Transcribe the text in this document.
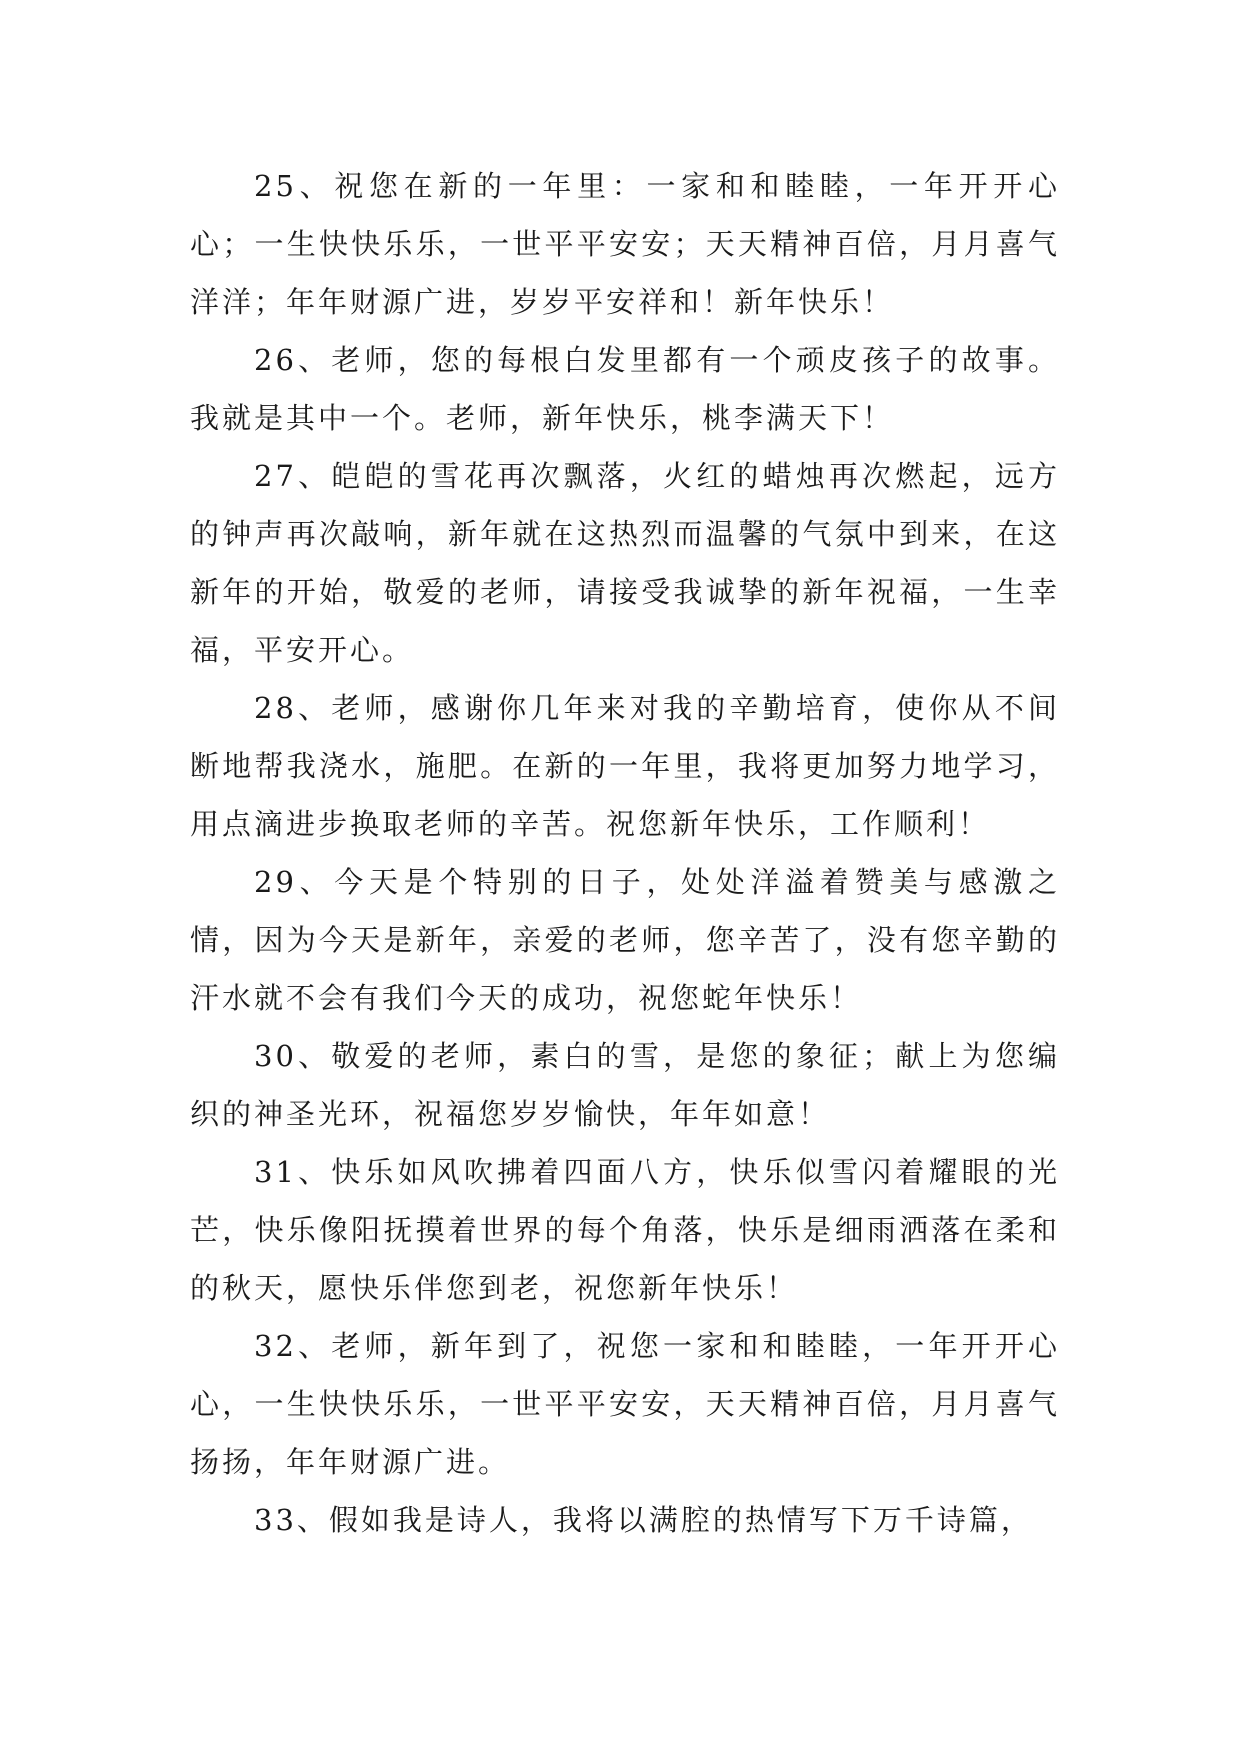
25、祝您在新的一年里：一家和和睦睦，一年开开心心；一生快快乐乐，一世平平安安；天天精神百倍，月月喜气洋洋；年年财源广进，岁岁平安祥和！新年快乐！

26、老师，您的每根白发里都有一个顽皮孩子的故事。我就是其中一个。老师，新年快乐，桃李满天下！

27、皑皑的雪花再次飘落，火红的蜡烛再次燃起，远方的钟声再次敲响，新年就在这热烈而温馨的气氛中到来，在这新年的开始，敬爱的老师，请接受我诚挚的新年祝福，一生幸福，平安开心。

28、老师，感谢你几年来对我的辛勤培育，使你从不间断地帮我浇水，施肥。在新的一年里，我将更加努力地学习，用点滴进步换取老师的辛苦。祝您新年快乐，工作顺利！

29、今天是个特别的日子，处处洋溢着赞美与感激之情，因为今天是新年，亲爱的老师，您辛苦了，没有您辛勤的汗水就不会有我们今天的成功，祝您蛇年快乐！

30、敬爱的老师，素白的雪，是您的象征；献上为您编织的神圣光环，祝福您岁岁愉快，年年如意！

31、快乐如风吹拂着四面八方，快乐似雪闪着耀眼的光芒，快乐像阳抚摸着世界的每个角落，快乐是细雨洒落在柔和的秋天，愿快乐伴您到老，祝您新年快乐！

32、老师，新年到了，祝您一家和和睦睦，一年开开心心，一生快快乐乐，一世平平安安，天天精神百倍，月月喜气扬扬，年年财源广进。

33、假如我是诗人，我将以满腔的热情写下万千诗篇，
